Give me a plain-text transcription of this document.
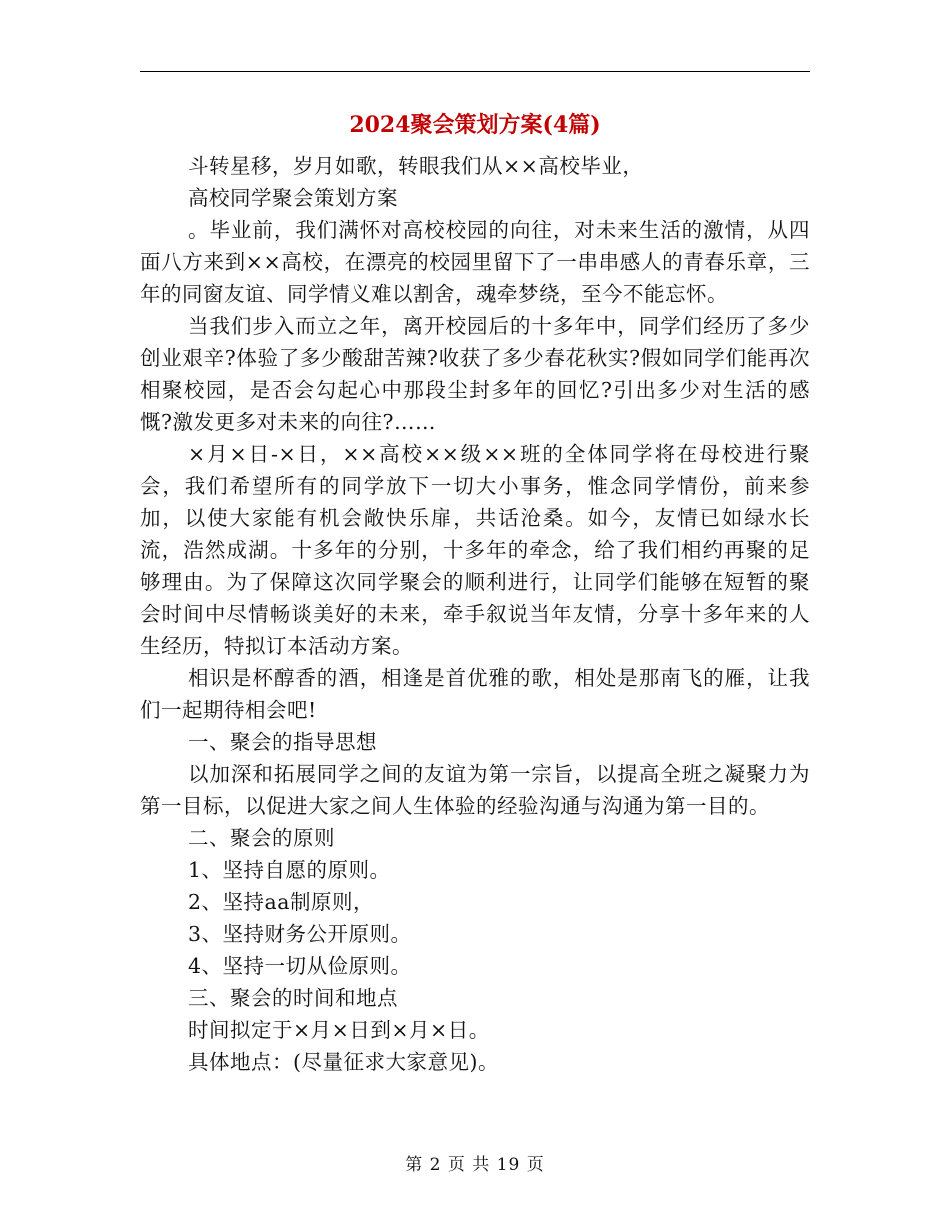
2024聚会策划方案(4篇)

斗转星移，岁月如歌，转眼我们从××高校毕业，

高校同学聚会策划方案

。毕业前，我们满怀对高校校园的向往，对未来生活的激情，从四面八方来到××高校，在漂亮的校园里留下了一串串感人的青春乐章，三年的同窗友谊、同学情义难以割舍，魂牵梦绕，至今不能忘怀。

当我们步入而立之年，离开校园后的十多年中，同学们经历了多少创业艰辛?体验了多少酸甜苦辣?收获了多少春花秋实?假如同学们能再次相聚校园，是否会勾起心中那段尘封多年的回忆?引出多少对生活的感慨?激发更多对未来的向往?……

×月×日-×日，××高校××级××班的全体同学将在母校进行聚会，我们希望所有的同学放下一切大小事务，惟念同学情份，前来参加，以使大家能有机会敞快乐扉，共话沧桑。如今，友情已如绿水长流，浩然成湖。十多年的分别，十多年的牵念，给了我们相约再聚的足够理由。为了保障这次同学聚会的顺利进行，让同学们能够在短暂的聚会时间中尽情畅谈美好的未来，牵手叙说当年友情，分享十多年来的人生经历，特拟订本活动方案。

相识是杯醇香的酒，相逢是首优雅的歌，相处是那南飞的雁，让我们一起期待相会吧!

一、聚会的指导思想

以加深和拓展同学之间的友谊为第一宗旨，以提高全班之凝聚力为第一目标，以促进大家之间人生体验的经验沟通与沟通为第一目的。

二、聚会的原则

1、坚持自愿的原则。

2、坚持aa制原则，

3、坚持财务公开原则。

4、坚持一切从俭原则。

三、聚会的时间和地点

时间拟定于×月×日到×月×日。

具体地点：(尽量征求大家意见)。

第 2 页 共 19 页
